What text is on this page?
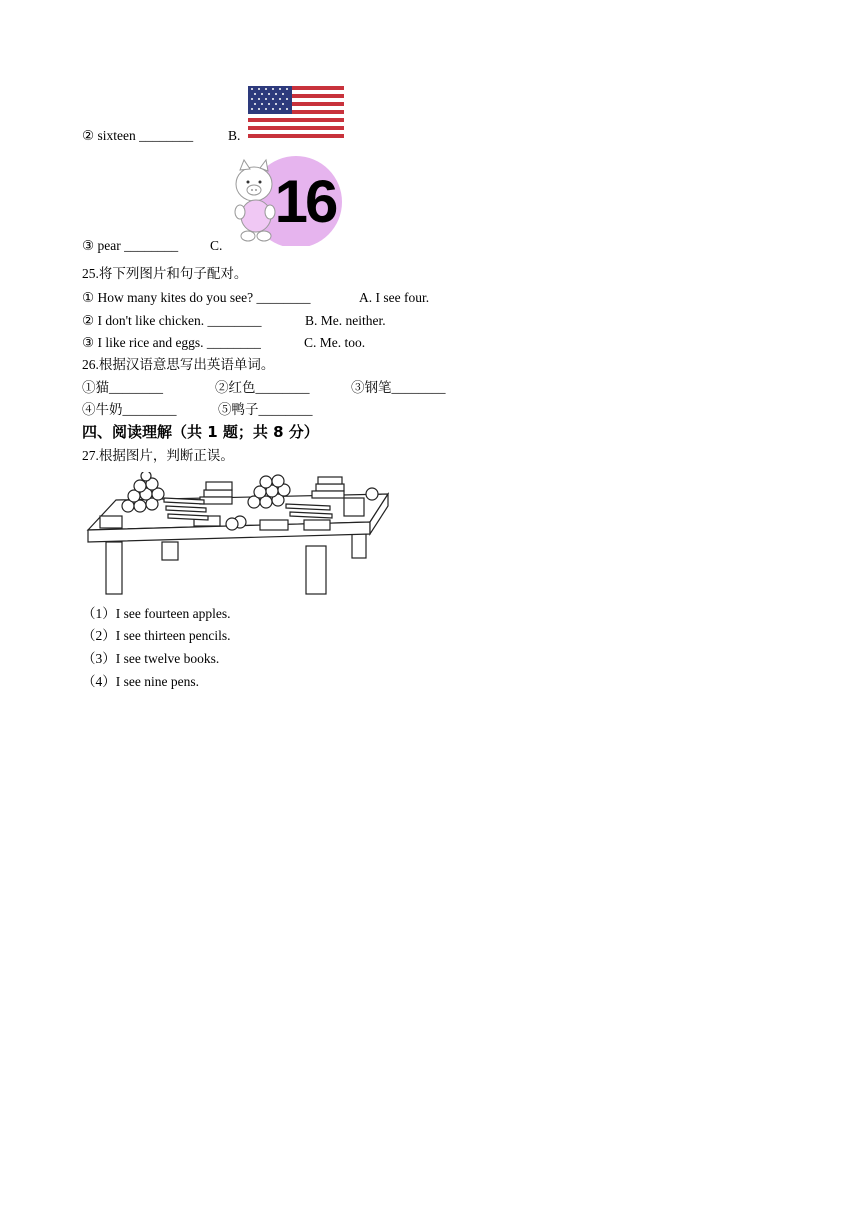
② sixteen ________	B.
16
③ pear ________ C.
25.将下列图片和句子配对。
① How many kites do you see? ________	A. I see four.
② I don't like chicken. ________	B. Me. neither.
③ I like rice and eggs. ________	C. Me. too.
26.根据汉语意思写出英语单词。
①猫________	②红色________	③钢笔________
④牛奶________	⑤鸭子________
四、阅读理解（共 1 题；共 8 分）
27.根据图片，判断正误。
（1）I see fourteen apples.
（2）I see thirteen pencils.
（3）I see twelve books.
（4）I see nine pens.
